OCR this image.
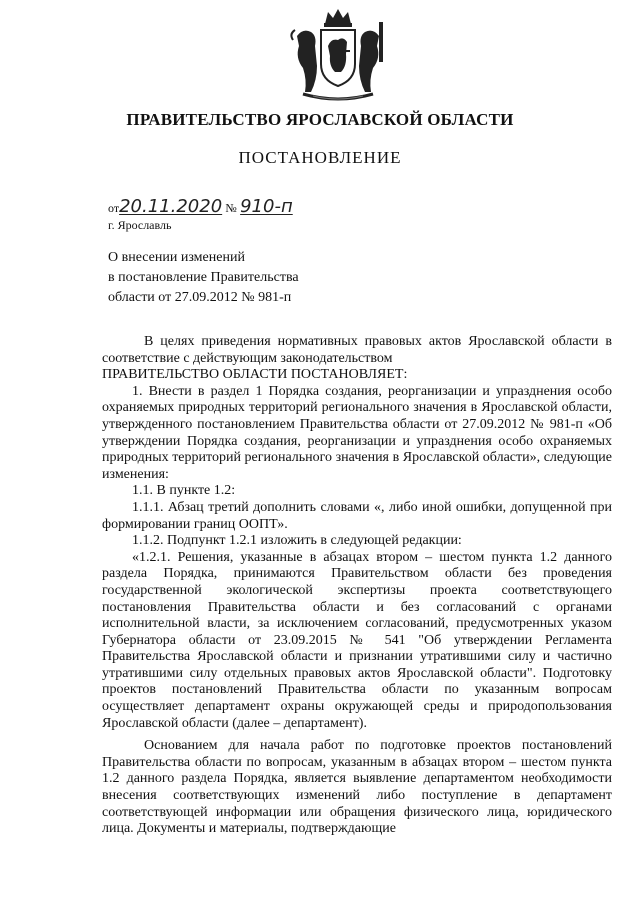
ПРАВИТЕЛЬСТВО ЯРОСЛАВСКОЙ ОБЛАСТИ
ПОСТАНОВЛЕНИЕ
от20.11.2020 № 910-п
г. Ярославль
О внесении изменений
в постановление Правительства
области от 27.09.2012 № 981-п

В целях приведения нормативных правовых актов Ярославской области в соответствие с действующим законодательством

ПРАВИТЕЛЬСТВО ОБЛАСТИ ПОСТАНОВЛЯЕТ:

1. Внести в раздел 1 Порядка создания, реорганизации и упразднения особо охраняемых природных территорий регионального значения в Ярославской области, утвержденного постановлением Правительства области от 27.09.2012 № 981-п «Об утверждении Порядка создания, реорганизации и упразднения особо охраняемых природных территорий регионального значения в Ярославской области», следующие изменения:

1.1. В пункте 1.2:

1.1.1. Абзац третий дополнить словами «, либо иной ошибки, допущенной при формировании границ ООПТ».

1.1.2. Подпункт 1.2.1 изложить в следующей редакции:

«1.2.1. Решения, указанные в абзацах втором – шестом пункта 1.2 данного раздела Порядка, принимаются Правительством области без проведения государственной экологической экспертизы проекта соответствующего постановления Правительства области и без согласований с органами исполнительной власти, за исключением согласований, предусмотренных указом Губернатора области от 23.09.2015 № 541 "Об утверждении Регламента Правительства Ярославской области и признании утратившими силу и частично утратившими силу отдельных правовых актов Ярославской области". Подготовку проектов постановлений Правительства области по указанным вопросам осуществляет департамент охраны окружающей среды и природопользования Ярославской области (далее – департамент).

Основанием для начала работ по подготовке проектов постановлений Правительства области по вопросам, указанным в абзацах втором – шестом пункта 1.2 данного раздела Порядка, является выявление департаментом необходимости внесения соответствующих изменений либо поступление в департамент соответствующей информации или обращения физического лица, юридического лица. Документы и материалы, подтверждающие
